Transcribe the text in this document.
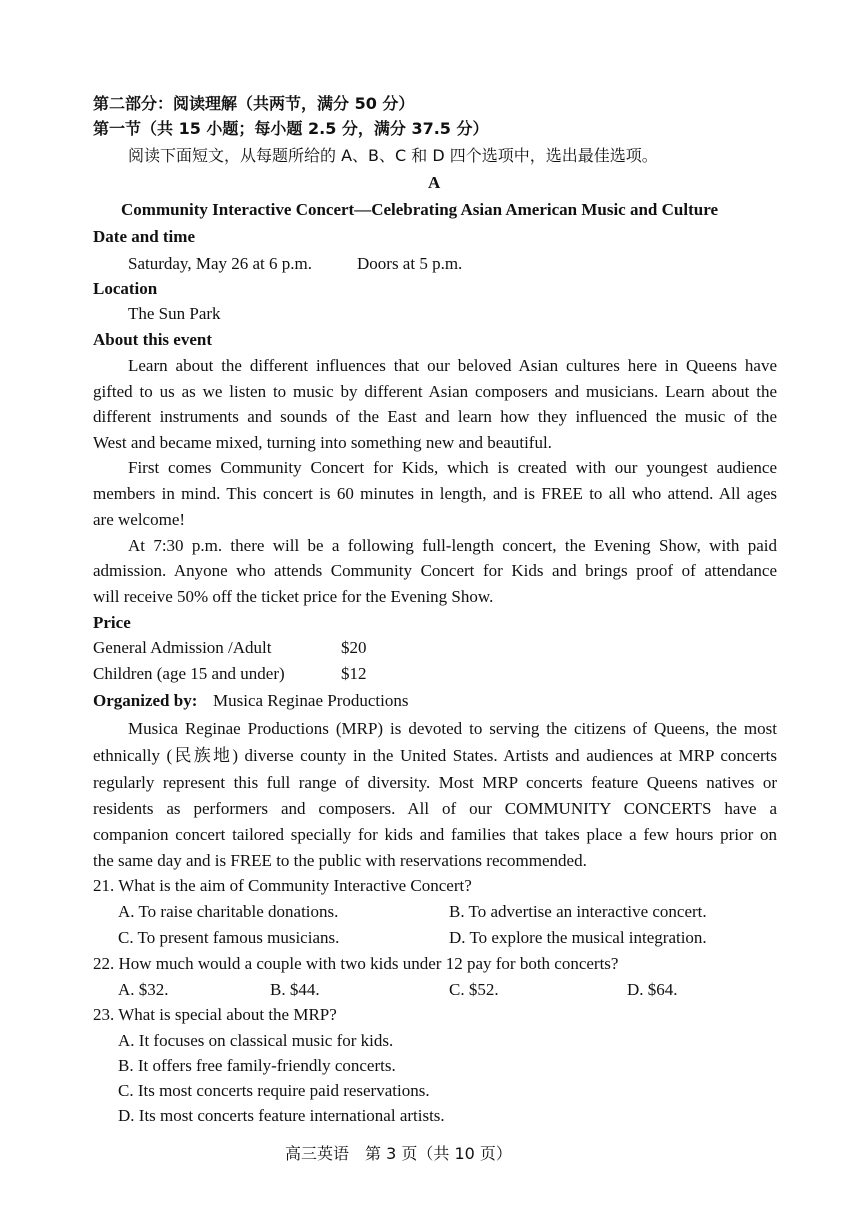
第二部分：阅读理解（共两节，满分 50 分）
第一节（共 15 小题；每小题 2.5 分，满分 37.5 分）
阅读下面短文，从每题所给的 A、B、C 和 D 四个选项中，选出最佳选项。
A
Community Interactive Concert—Celebrating Asian American Music and Culture
Date and time
Saturday, May 26 at 6 p.m.	Doors at 5 p.m.
Location
The Sun Park
About this event
Learn about the different influences that our beloved Asian cultures here in Queens have
gifted to us as we listen to music by different Asian composers and musicians. Learn about the
different instruments and sounds of the East and learn how they influenced the music of the
West and became mixed, turning into something new and beautiful.
First comes Community Concert for Kids, which is created with our youngest audience
members in mind. This concert is 60 minutes in length, and is FREE to all who attend. All ages
are welcome!
At 7:30 p.m. there will be a following full-length concert, the Evening Show, with paid
admission. Anyone who attends Community Concert for Kids and brings proof of attendance
will receive 50% off the ticket price for the Evening Show.
Price
General Admission /Adult	$20
Children (age 15 and under)	$12
Organized by: Musica Reginae Productions
Musica Reginae Productions (MRP) is devoted to serving the citizens of Queens, the most
ethnically (民族地) diverse county in the United States. Artists and audiences at MRP concerts
regularly represent this full range of diversity. Most MRP concerts feature Queens natives or
residents as performers and composers. All of our COMMUNITY CONCERTS have a
companion concert tailored specially for kids and families that takes place a few hours prior on
the same day and is FREE to the public with reservations recommended.
21. What is the aim of Community Interactive Concert?
A. To raise charitable donations.	B. To advertise an interactive concert.
C. To present famous musicians.	D. To explore the musical integration.
22. How much would a couple with two kids under 12 pay for both concerts?
A. $32.	B. $44.	C. $52.	D. $64.
23. What is special about the MRP?
A. It focuses on classical music for kids.
B. It offers free family-friendly concerts.
C. Its most concerts require paid reservations.
D. Its most concerts feature international artists.
高三英语　第 3 页（共 10 页）
